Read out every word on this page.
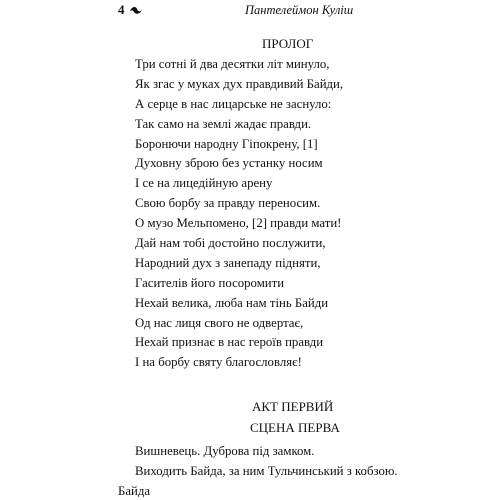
4	Пантелеймон Куліш
ПРОЛОГ
Три сотні й два десятки літ минуло,
Як згас у муках дух правдивий Байди,
А серце в нас лицарське не заснуло:
Так само на землі жадає правди.
Боронючи народну Гіпокрену, [1]
Духовну зброю без устанку носим
І се на лицедійную арену
Свою борбу за правду переносим.
О музо Мельпомено, [2] правди мати!
Дай нам тобі достойно послужити,
Народний дух з занепаду підняти,
Гасителів його посоромити
Нехай велика, люба нам тінь Байди
Од нас лиця свого не одвертає,
Нехай признає в нас героїв правди
І на борбу святу благословляє!
АКТ ПЕРВИЙ
СЦЕНА ПЕРВА
Вишневець. Дуброва під замком.
Виходить Байда, за ним Тульчинський з кобзою.
Байда
